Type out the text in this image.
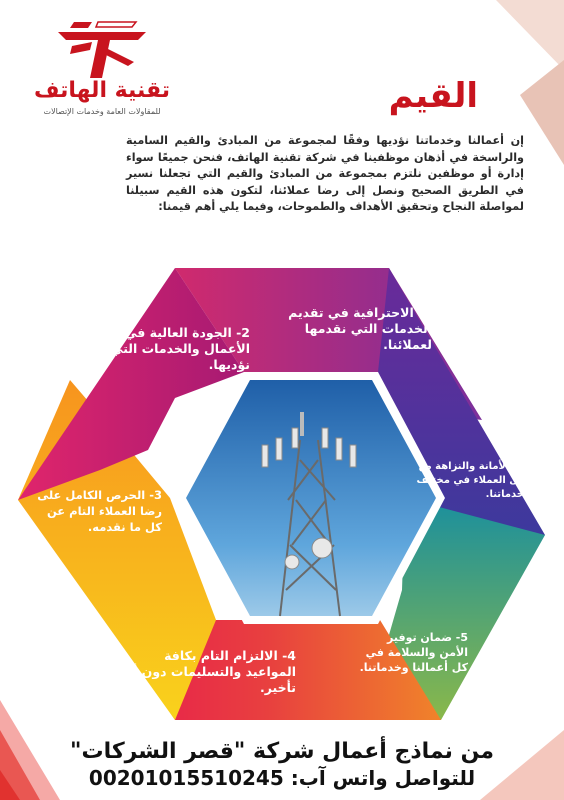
تقنية الهاتف
للمقاولات العامة وخدمات الإتصالات	القيم
إن أعمالنا وخدماتنا نؤديها وفقًا لمجموعة من المبادئ والقيم السامية والراسخة في أذهان موظفينا في شركة تقنية الهاتف، فنحن جميعًا سواء إدارة أو موظفين نلتزم بمجموعة من المبادئ والقيم التي تجعلنا نسير في الطريق الصحيح ونصل إلى رضا عملائنا، لتكون هذه القيم سبيلنا لمواصلة النجاح وتحقيق الأهداف والطموحات، وفيما يلي أهم قيمنا:
1- الاحترافية في تقديم الخدمات التي نقدمها لعملائنا.
2- الجودة العالية في كل الأعمال والخدمات التي نؤديها.
3- الحرص الكامل على رضا العملاء التام عن كل ما نقدمه.
4- الالتزام التام بكافة المواعيد والتسليمات دون أي تأخير.
5- ضمان توفير الأمن والسلامة في كل أعمالنا وخدماتنا.
6- الأمانة والنزاهة مع كل العملاء في مختلف خدماتنا.
من نماذج أعمال شركة "قصر الشركات"
للتواصل واتس آب: 00201015510245
